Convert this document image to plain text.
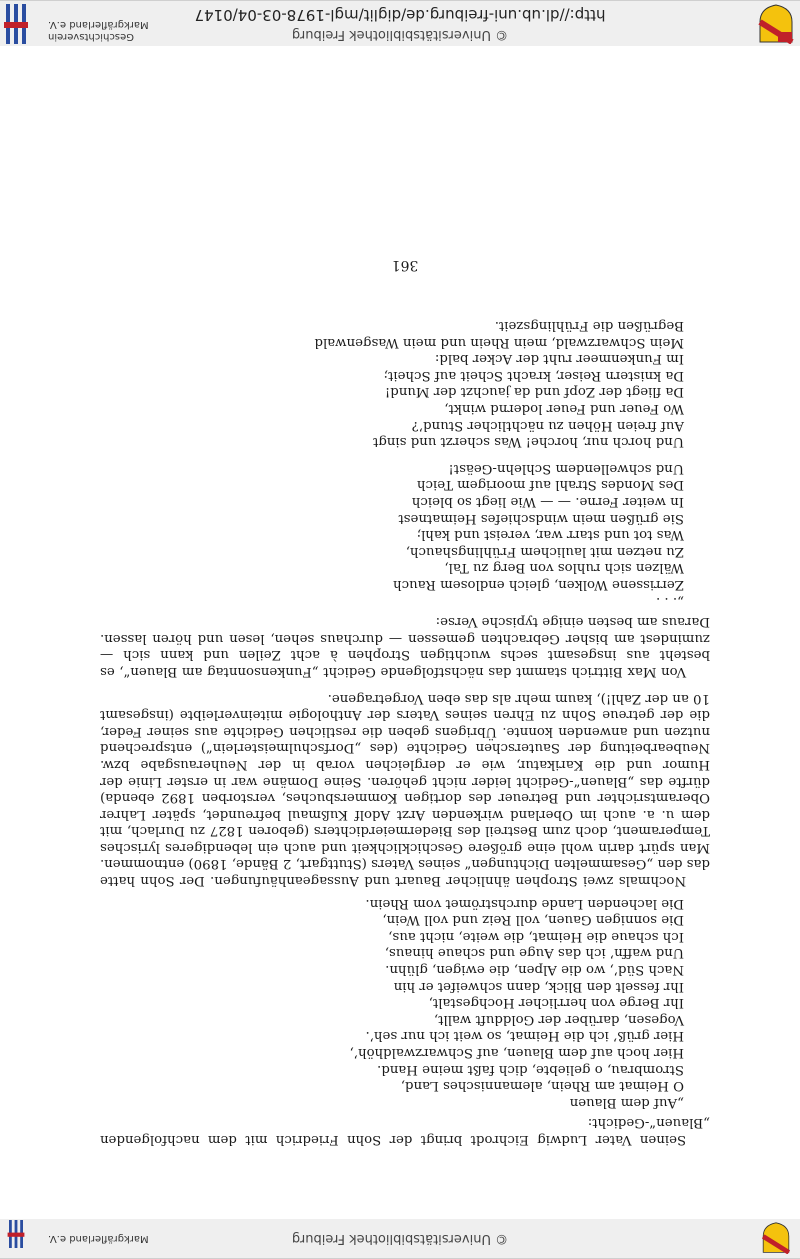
© Universitätsbibliothek Freiburg
http://dl.ub.uni-freiburg.de/diglit/mgl-1978-03-04/0147
Geschichtsverein
Markgräflerland e.V.

Seinen Vater Ludwig Eichrodt bringt der Sohn Friedrich mit dem nachfolgenden „Blauen“-Gedicht:

„Auf dem Blauen
O Heimat am Rhein, alemannisches Land,
Strombrau, o geliebte, dich faßt meine Hand.
Hier hoch auf dem Blauen, auf Schwarzwaldhöh’,
Hier grüß’ ich die Heimat, so weit ich nur seh’.
Vogesen, darüber der Goldduft wallt,
Ihr Berge von herrlicher Hochgestalt,
Ihr fesselt den Blick, dann schweifet er hin
Nach Süd’, wo die Alpen, die ewigen, glühn.
Und waffn’ ich das Auge und schaue hinaus,
Ich schaue die Heimat, die weite, nicht aus,
Die sonnigen Gauen, voll Reiz und voll Wein,
Die lachenden Lande durchströmet vom Rhein.

Nochmals zwei Strophen ähnlicher Bauart und Aussageanhäufungen. Der Sohn hatte das den „Gesammelten Dichtungen“ seines Vaters (Stuttgart, 2 Bände, 1890) entnommen. Man spürt darin wohl eine größere Geschicklichkeit und auch ein lebendigeres lyrisches Temperament, doch zum Bestreil des Biedermeierdichters (geboren 1827 zu Durlach, mit dem u. a. auch im Oberland wirkenden Arzt Adolf Kußmaul befreundet, später Lahrer Oberamtsrichter und Betreuer des dortigen Kommersbuches, verstorben 1892 ebenda) dürfte das „Blauen“-Gedicht leider nicht gehören. Seine Domäne war in erster Linie der Humor und die Karikatur, wie er dergleichen vorab in der Neuherausgabe bzw. Neubearbeitung der Sauterschen Gedichte (des „Dorfschulmeisterlein“) entsprechend nutzen und anwenden konnte. Übrigens geben die restlichen Gedichte aus seiner Feder, die der getreue Sohn zu Ehren seines Vaters der Anthologie miteinverleibte (insgesamt 10 an der Zahl!), kaum mehr als das eben Vorgetragene.

Von Max Bittrich stammt das nächstfolgende Gedicht „Funkensonntag am Blauen“, es besteht aus insgesamt sechs wuchtigen Strophen à acht Zeilen und kann sich — zumindest am bisher Gebrachten gemessen — durchaus sehen, lesen und hören lassen. Daraus am besten einige typische Verse:

„. . .
Zerrissene Wolken, gleich endlosem Rauch
Wälzen sich ruhlos von Berg zu Tal,
Zu netzen mit laulichem Frühlingshauch,
Was tot und starr war, vereist und kahl;
Sie grüßen mein windschiefes Heimatnest
In weiter Ferne. — — Wie liegt so bleich
Des Mondes Strahl auf moorigem Teich
Und schwellendem Schlehn-Geäst!
Und horch nur, horche! Was scherzt und singt
Auf freien Höhen zu nächtlicher Stund’?
Wo Feuer und Feuer lodernd winkt,
Da fliegt der Zopf und da jauchzt der Mund!
Da knistern Reiser, kracht Scheit auf Scheit;
Im Funkenmeer ruht der Acker bald:
Mein Schwarzwald, mein Rhein und mein Wasgenwald
Begrüßen die Frühlingszeit.
361
© Universitätsbibliothek Freiburg
Markgräflerland e.V.
